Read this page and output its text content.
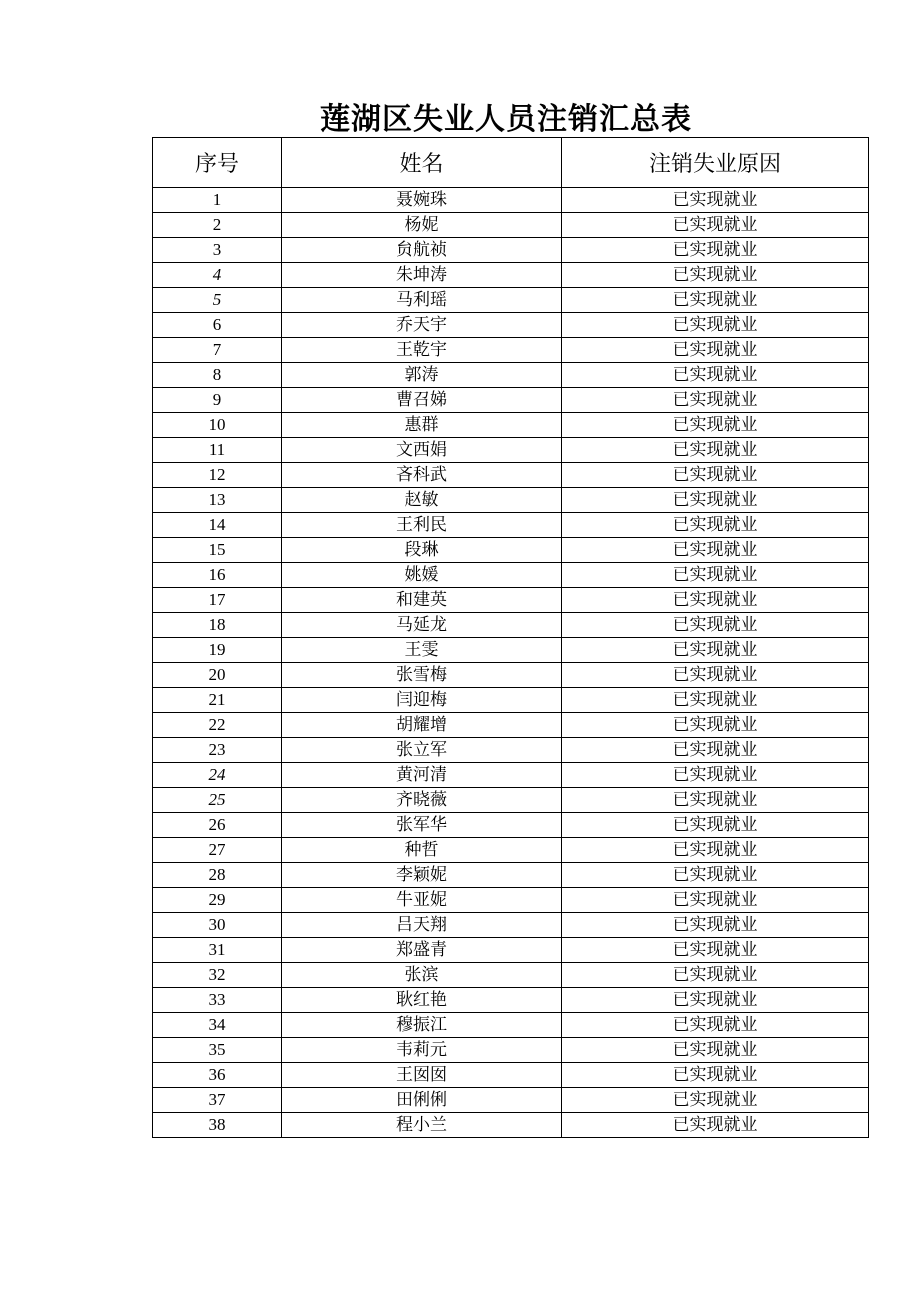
莲湖区失业人员注销汇总表
序号	姓名	注销失业原因
1	聂婉珠	已实现就业
2	杨妮	已实现就业
3	贠航祯	已实现就业
4	朱坤涛	已实现就业
5	马利瑶	已实现就业
6	乔天宇	已实现就业
7	王乾宇	已实现就业
8	郭涛	已实现就业
9	曹召娣	已实现就业
10	惠群	已实现就业
11	文西娟	已实现就业
12	吝科武	已实现就业
13	赵敏	已实现就业
14	王利民	已实现就业
15	段琳	已实现就业
16	姚媛	已实现就业
17	和建英	已实现就业
18	马延龙	已实现就业
19	王雯	已实现就业
20	张雪梅	已实现就业
21	闫迎梅	已实现就业
22	胡耀增	已实现就业
23	张立军	已实现就业
24	黄河清	已实现就业
25	齐晓薇	已实现就业
26	张军华	已实现就业
27	种哲	已实现就业
28	李颖妮	已实现就业
29	牛亚妮	已实现就业
30	吕天翔	已实现就业
31	郑盛青	已实现就业
32	张滨	已实现就业
33	耿红艳	已实现就业
34	穆振江	已实现就业
35	韦莉元	已实现就业
36	王囡囡	已实现就业
37	田俐俐	已实现就业
38	程小兰	已实现就业
